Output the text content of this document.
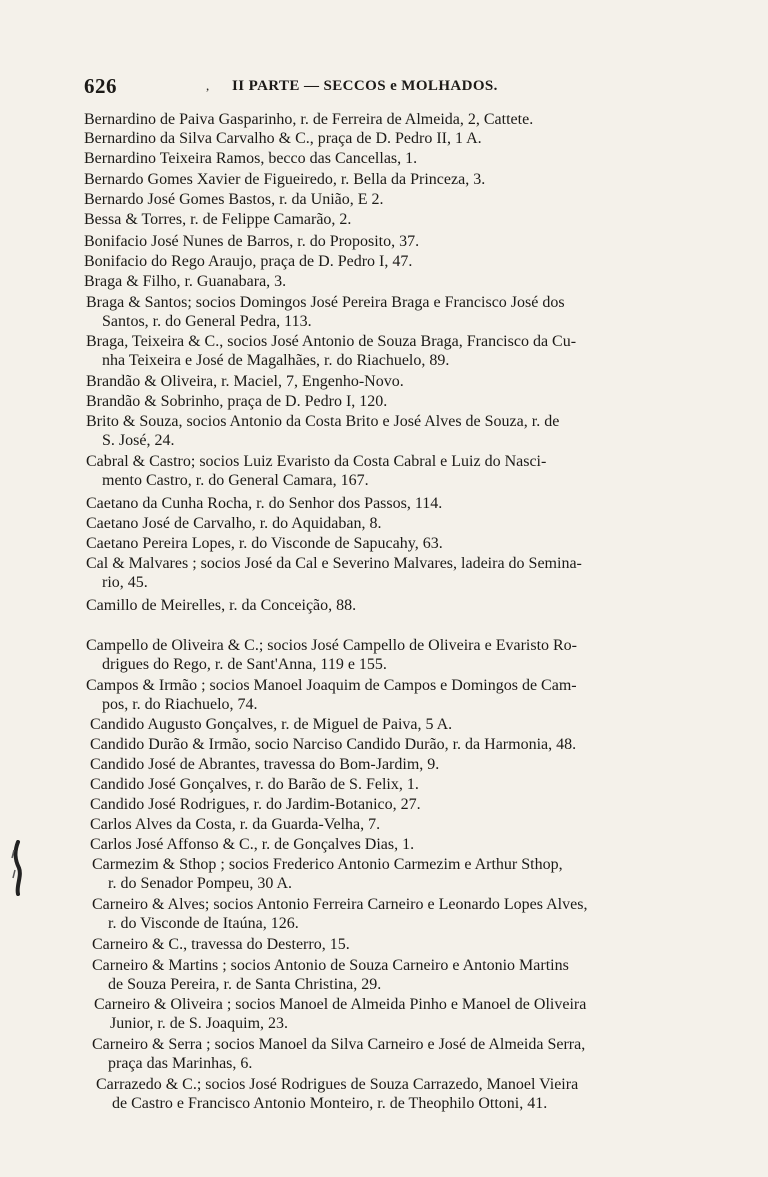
626	, II PARTE — SECCOS e MOLHADOS.

Bernardino de Paiva Gasparinho, r. de Ferreira de Almeida, 2, Cattete.

Bernardino da Silva Carvalho & C., praça de D. Pedro II, 1 A.

Bernardino Teixeira Ramos, becco das Cancellas, 1.

Bernardo Gomes Xavier de Figueiredo, r. Bella da Princeza, 3.

Bernardo José Gomes Bastos, r. da União, E 2.

Bessa & Torres, r. de Felippe Camarão, 2.

Bonifacio José Nunes de Barros, r. do Proposito, 37.

Bonifacio do Rego Araujo, praça de D. Pedro I, 47.

Braga & Filho, r. Guanabara, 3.

Braga & Santos; socios Domingos José Pereira Braga e Francisco José dos
Santos, r. do General Pedra, 113.

Braga, Teixeira & C., socios José Antonio de Souza Braga, Francisco da Cu-
nha Teixeira e José de Magalhães, r. do Riachuelo, 89.

Brandão & Oliveira, r. Maciel, 7, Engenho-Novo.

Brandão & Sobrinho, praça de D. Pedro I, 120.

Brito & Souza, socios Antonio da Costa Brito e José Alves de Souza, r. de
S. José, 24.

Cabral & Castro; socios Luiz Evaristo da Costa Cabral e Luiz do Nasci-
mento Castro, r. do General Camara, 167.

Caetano da Cunha Rocha, r. do Senhor dos Passos, 114.

Caetano José de Carvalho, r. do Aquidaban, 8.

Caetano Pereira Lopes, r. do Visconde de Sapucahy, 63.

Cal & Malvares ; socios José da Cal e Severino Malvares, ladeira do Semina-
rio, 45.

Camillo de Meirelles, r. da Conceição, 88.

Campello de Oliveira & C.; socios José Campello de Oliveira e Evaristo Ro-
drigues do Rego, r. de Sant'Anna, 119 e 155.

Campos & Irmão ; socios Manoel Joaquim de Campos e Domingos de Cam-
pos, r. do Riachuelo, 74.

Candido Augusto Gonçalves, r. de Miguel de Paiva, 5 A.

Candido Durão & Irmão, socio Narciso Candido Durão, r. da Harmonia, 48.

Candido José de Abrantes, travessa do Bom-Jardim, 9.

Candido José Gonçalves, r. do Barão de S. Felix, 1.

Candido José Rodrigues, r. do Jardim-Botanico, 27.

Carlos Alves da Costa, r. da Guarda-Velha, 7.

Carlos José Affonso & C., r. de Gonçalves Dias, 1.

Carmezim & Sthop ; socios Frederico Antonio Carmezim e Arthur Sthop,
r. do Senador Pompeu, 30 A.

Carneiro & Alves; socios Antonio Ferreira Carneiro e Leonardo Lopes Alves,
r. do Visconde de Itaúna, 126.

Carneiro & C., travessa do Desterro, 15.

Carneiro & Martins ; socios Antonio de Souza Carneiro e Antonio Martins
de Souza Pereira, r. de Santa Christina, 29.

Carneiro & Oliveira ; socios Manoel de Almeida Pinho e Manoel de Oliveira
Junior, r. de S. Joaquim, 23.

Carneiro & Serra ; socios Manoel da Silva Carneiro e José de Almeida Serra,
praça das Marinhas, 6.

Carrazedo & C.; socios José Rodrigues de Souza Carrazedo, Manoel Vieira
de Castro e Francisco Antonio Monteiro, r. de Theophilo Ottoni, 41.
